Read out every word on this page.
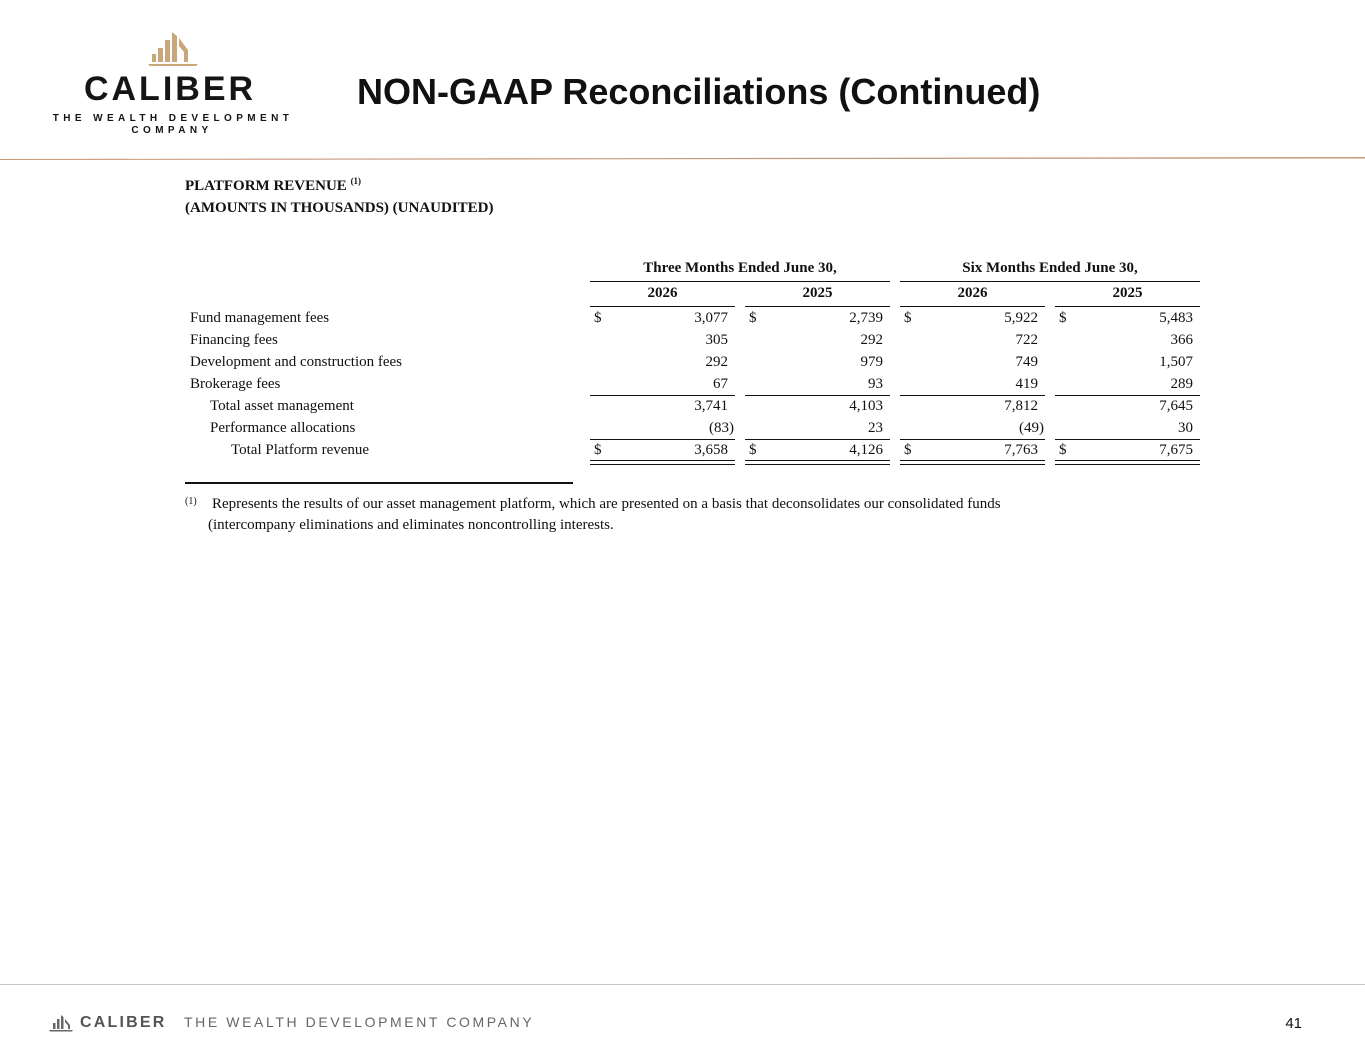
CALIBER
THE WEALTH DEVELOPMENT
COMPANY
NON-GAAP Reconciliations (Continued)
PLATFORM REVENUE $^{(1)}$
(AMOUNTS IN THOUSANDS) (UNAUDITED)
Three Months Ended June 30,	Six Months Ended June 30,
2026	2025	2026	2025
Fund management fees	$	3,077 $	2,739 $	5,922 $	5,483
Financing fees	305	292	722	366
Development and construction fees	292	979	749	1,507
Brokerage fees	67	93	419	289
Total asset management	3,741	4,103	7,812	7,645
Performance allocations	(83)	23	(49)	30
Total Platform revenue	$	3,658 $	4,126 $	7,763 $	7,675
(1) Represents the results of our asset management platform, which are presented on a basis that deconsolidates our consolidated funds
(intercompany eliminations and eliminates noncontrolling interests.
CALIBER THE WEALTH DEVELOPMENT COMPANY	41
